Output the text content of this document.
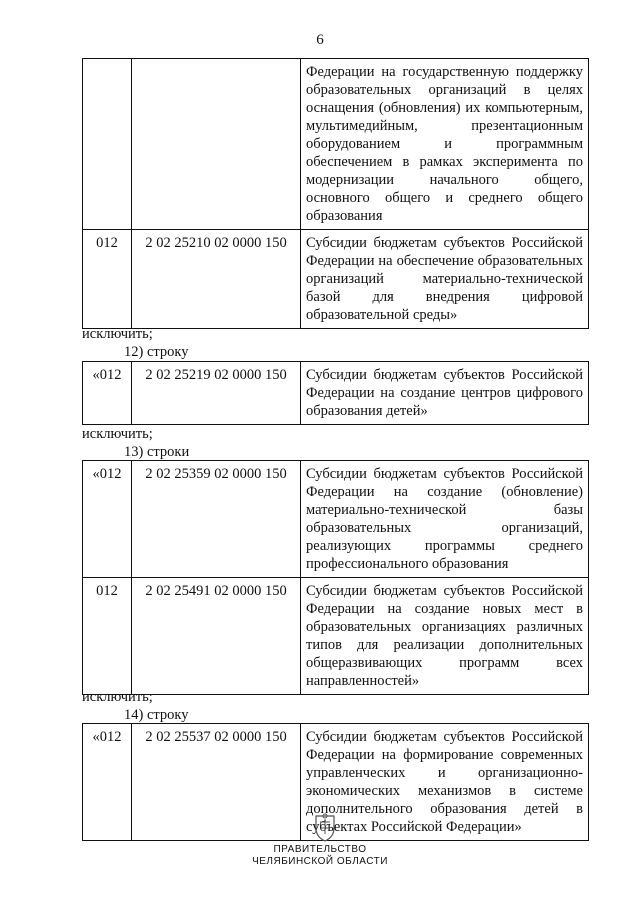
6
		Федерации на государственную поддержку образовательных организаций в целях оснащения (обновления) их компьютерным, мультимедийным, презентационным оборудованием и программным обеспечением в рамках эксперимента по модернизации начального общего, основного общего и среднего общего образования
012	2 02 25210 02 0000 150	Субсидии бюджетам субъектов Российской Федерации на обеспечение образовательных организаций материально-технической базой для внедрения цифровой образовательной среды»
исключить;
12) строку
«012	2 02 25219 02 0000 150	Субсидии бюджетам субъектов Российской Федерации на создание центров цифрового образования детей»
исключить;
13) строки
«012	2 02 25359 02 0000 150	Субсидии бюджетам субъектов Российской Федерации на создание (обновление) материально-технической базы образовательных организаций, реализующих программы среднего профессионального образования
012	2 02 25491 02 0000 150	Субсидии бюджетам субъектов Российской Федерации на создание новых мест в образовательных организациях различных типов для реализации дополнительных общеразвивающих программ всех направленностей»
исключить;
14) строку
«012	2 02 25537 02 0000 150	Субсидии бюджетам субъектов Российской Федерации на формирование современных управленческих и организационно-экономических механизмов в системе дополнительного образования детей в субъектах Российской Федерации»
ПРАВИТЕЛЬСТВО
ЧЕЛЯБИНСКОЙ ОБЛАСТИ
